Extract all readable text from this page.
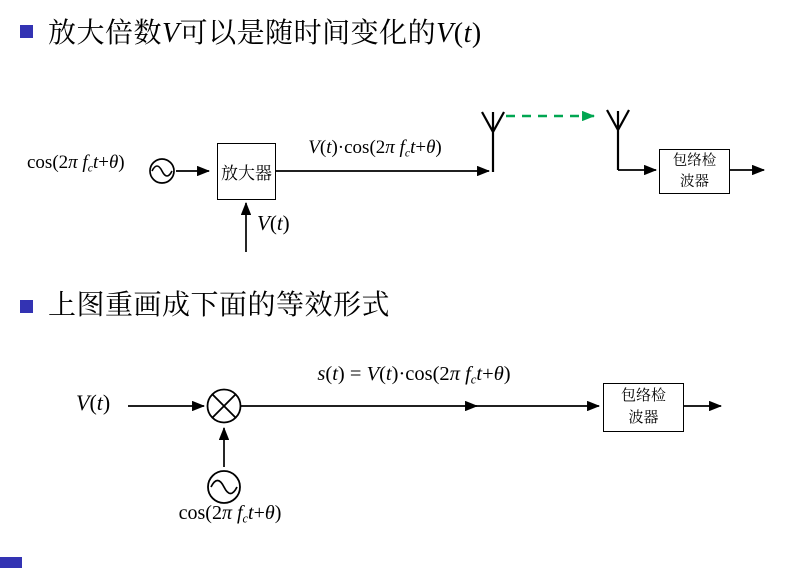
放大倍数V可以是随时间变化的V(t)
上图重画成下面的等效形式
cos(2π fct+θ)
放大器
V(t)·cos(2π fct+θ)
V(t)
包络检
波器
V(t)
s(t) = V(t)·cos(2π fct+θ)
cos(2π fct+θ)
包络检
波器
